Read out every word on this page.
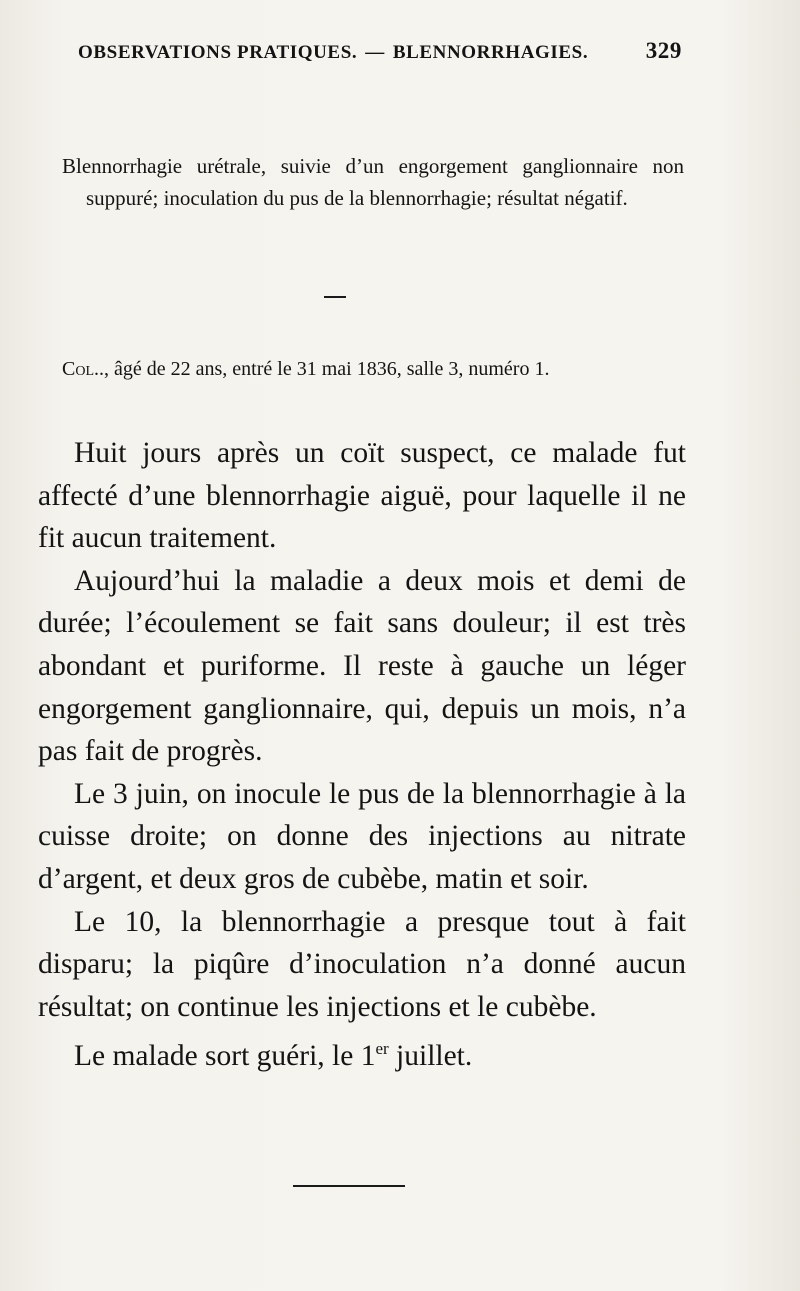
OBSERVATIONS PRATIQUES. — BLENNORRHAGIES.	329
Blennorrhagie urétrale, suivie d’un engorgement ganglionnaire non suppuré; inoculation du pus de la blennorrhagie; résultat négatif.
Col.., âgé de 22 ans, entré le 31 mai 1836, salle 3, numéro 1.

Huit jours après un coït suspect, ce malade fut affecté d’une blennorrhagie aiguë, pour laquelle il ne fit aucun traitement.

Aujourd’hui la maladie a deux mois et demi de durée; l’écoulement se fait sans douleur; il est très abondant et puriforme. Il reste à gauche un léger engorgement ganglionnaire, qui, depuis un mois, n’a pas fait de progrès.

Le 3 juin, on inocule le pus de la blennorrhagie à la cuisse droite; on donne des injections au nitrate d’argent, et deux gros de cubèbe, matin et soir.

Le 10, la blennorrhagie a presque tout à fait disparu; la piqûre d’inoculation n’a donné aucun résultat; on continue les injections et le cubèbe.

Le malade sort guéri, le 1er juillet.
